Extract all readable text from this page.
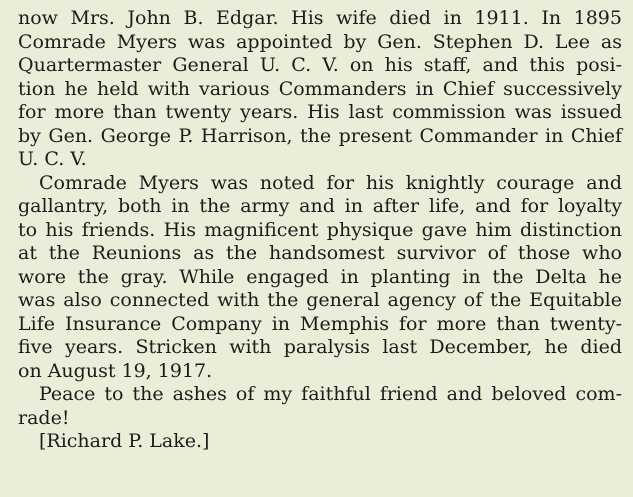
now Mrs. John B. Edgar. His wife died in 1911. In 1895
Comrade Myers was appointed by Gen. Stephen D. Lee as
Quartermaster General U. C. V. on his staff, and this posi-
tion he held with various Commanders in Chief successively
for more than twenty years. His last commission was issued
by Gen. George P. Harrison, the present Commander in Chief
U. C. V.
Comrade Myers was noted for his knightly courage and
gallantry, both in the army and in after life, and for loyalty
to his friends. His magnificent physique gave him distinction
at the Reunions as the handsomest survivor of those who
wore the gray. While engaged in planting in the Delta he
was also connected with the general agency of the Equitable
Life Insurance Company in Memphis for more than twenty-
five years. Stricken with paralysis last December, he died
on August 19, 1917.
Peace to the ashes of my faithful friend and beloved com-
rade!
[Richard P. Lake.]
